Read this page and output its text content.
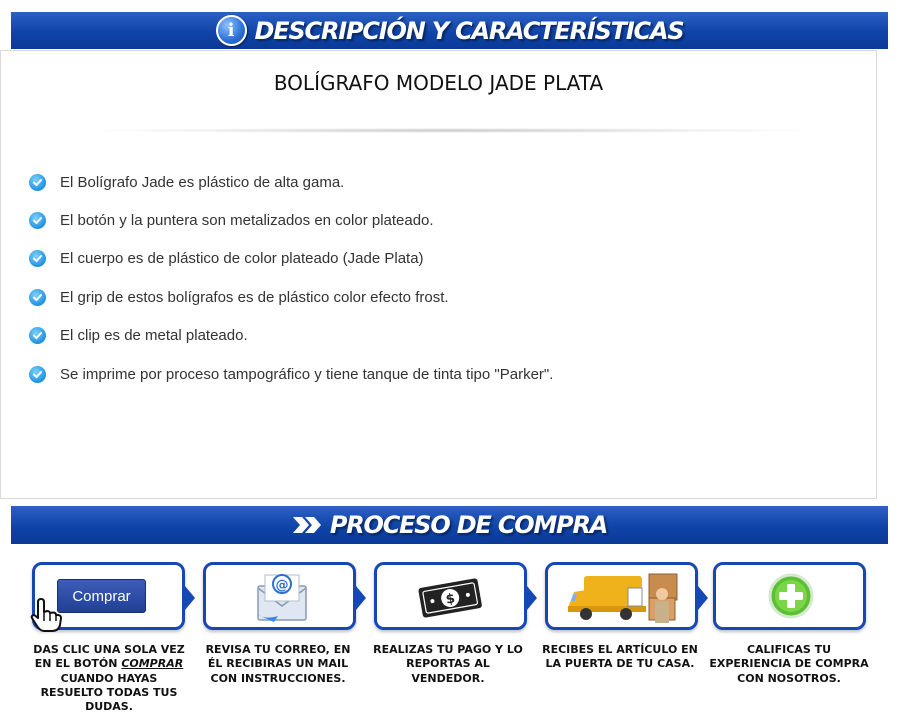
i DESCRIPCIÓN Y CARACTERÍSTICAS
BOLÍGRAFO MODELO JADE PLATA
El Bolígrafo Jade es plástico de alta gama.
El botón y la puntera son metalizados en color plateado.
El cuerpo es de plástico de color plateado (Jade Plata)
El grip de estos bolígrafos es de plástico color efecto frost.
El clip es de metal plateado.
Se imprime por proceso tampográfico y tiene tanque de tinta tipo "Parker".
PROCESO DE COMPRA
Comprar
@
$
DAS CLIC UNA SOLA VEZ EN EL BOTÓN COMPRAR CUANDO HAYAS RESUELTO TODAS TUS DUDAS.
REVISA TU CORREO, EN ÉL RECIBIRAS UN MAIL CON INSTRUCCIONES.
REALIZAS TU PAGO Y LO REPORTAS AL VENDEDOR.
RECIBES EL ARTÍCULO EN LA PUERTA DE TU CASA.
CALIFICAS TU EXPERIENCIA DE COMPRA CON NOSOTROS.
